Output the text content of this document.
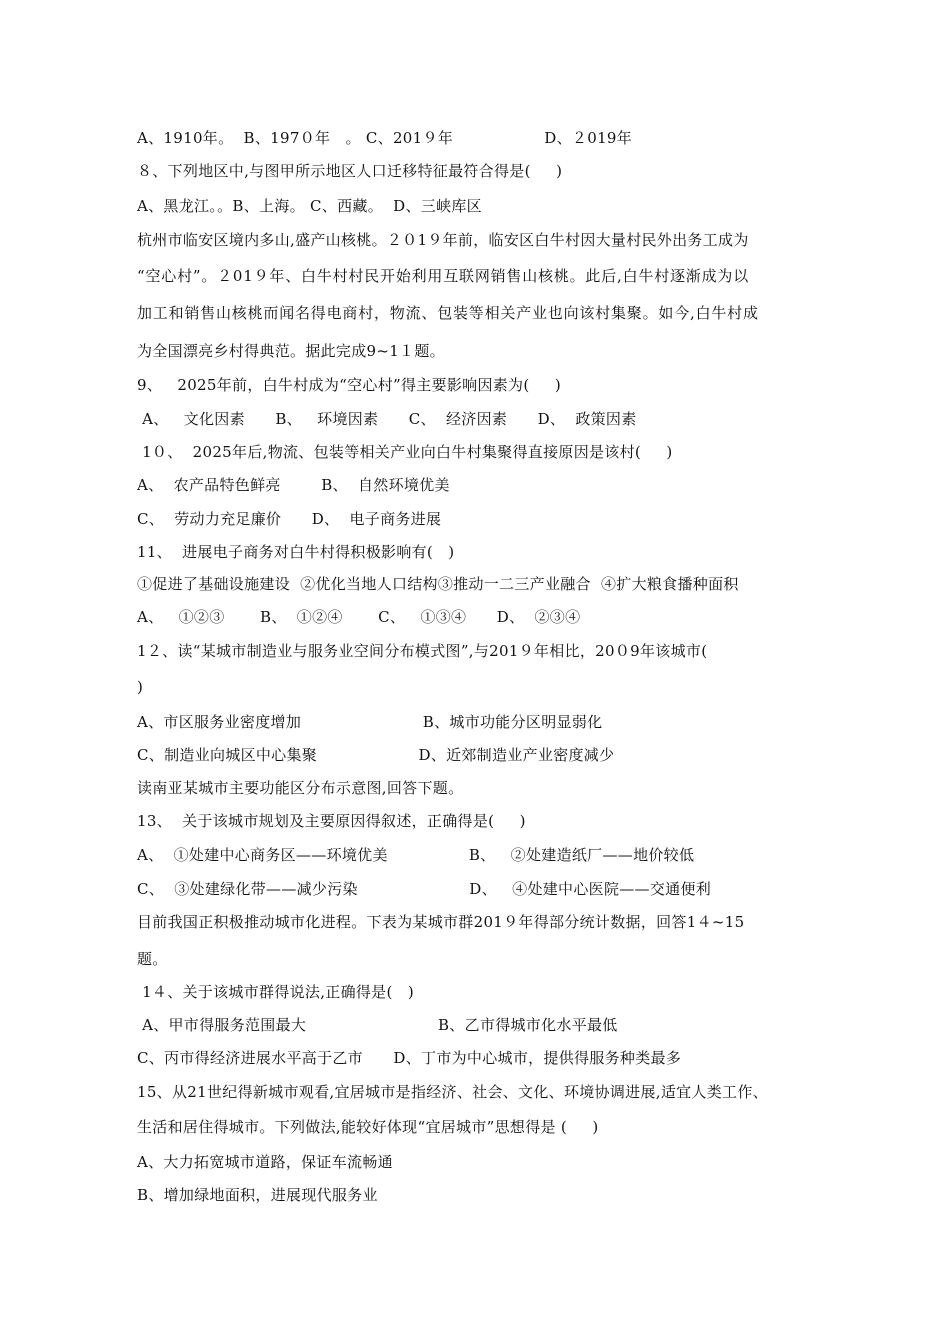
A、1910年。  B、197０年   。 C、201９年                  D、２019年
８、下列地区中,与图甲所示地区人口迁移特征最符合得是(     )
A、黑龙江。。B、上海。 C、西藏。  D、三峡库区
杭州市临安区境内多山,盛产山核桃。２０1９年前，临安区白牛村因大量村民外出务工成为
“空心村”。２01９年、白牛村村民开始利用互联网销售山核桃。此后,白牛村逐渐成为以
加工和销售山核桃而闻名得电商村，物流、包装等相关产业也向该村集聚。如今,白牛村成
为全国漂亮乡村得典范。据此完成9~1１题。
9、   2025年前，白牛村成为“空心村”得主要影响因素为(     )
A、   文化因素      B、   环境因素      C、  经济因素      D、  政策因素
1０、  2025年后,物流、包装等相关产业向白牛村集聚得直接原因是该村(     )
A、  农产品特色鲜亮        B、  自然环境优美
C、  劳动力充足廉价      D、  电子商务进展
11、  进展电子商务对白牛村得积极影响有(   )
①促进了基础设施建设  ②优化当地人口结构③推动一二三产业融合  ④扩大粮食播种面积
A、   ①②③       B、  ①②④       C、   ①③④      D、  ②③④
1２、读“某城市制造业与服务业空间分布模式图”,与201９年相比，20０9年该城市(
)
A、市区服务业密度增加                        B、城市功能分区明显弱化
C、制造业向城区中心集聚                    D、近郊制造业产业密度减少
读南亚某城市主要功能区分布示意图,回答下题。
13、  关于该城市规划及主要原因得叙述，正确得是(     )
A、  ①处建中心商务区——环境优美                B、   ②处建造纸厂——地价较低
C、  ③处建绿化带——减少污染                      D、   ④处建中心医院——交通便利
目前我国正积极推动城市化进程。下表为某城市群201９年得部分统计数据，回答1４~15
题。
1４、关于该城市群得说法,正确得是(   )
A、甲市得服务范围最大                          B、乙市得城市化水平最低
C、丙市得经济进展水平高于乙市      D、丁市为中心城市，提供得服务种类最多
15、从21世纪得新城市观看,宜居城市是指经济、社会、文化、环境协调进展,适宜人类工作、
生活和居住得城市。下列做法,能较好体现“宜居城市”思想得是 (     )
A、大力拓宽城市道路，保证车流畅通
B、增加绿地面积，进展现代服务业
